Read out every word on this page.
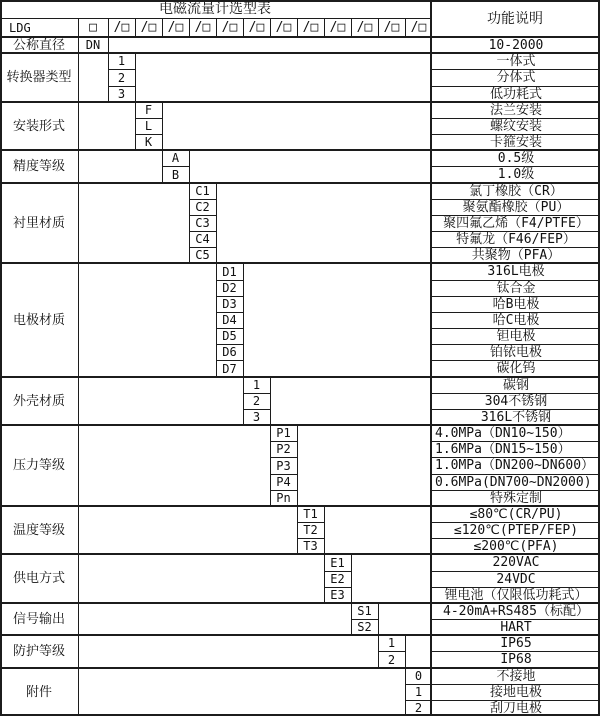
电磁流量计选型表
功能说明
LDG	□	/□ /□ /□ /□ /□ /□ /□ /□ /□ /□ /□ /□
公称直径	DN	10-2000
转换器类型
1	一体式
2	分体式
3	低功耗式
安装形式
F	法兰安装
L	螺纹安装
K	卡箍安装
精度等级
A	0.5级
B	1.0级
衬里材质
C1	氯丁橡胶（CR）
C2	聚氨酯橡胶（PU）
C3	聚四氟乙烯（F4/PTFE）
C4	特氟龙（F46/FEP）
C5	共聚物（PFA）
电极材质
D1	316L电极
D2	钛合金
D3	哈B电极
D4	哈C电极
D5	钽电极
D6	铂铱电极
D7	碳化钨
外壳材质
1	碳钢
2	304不锈钢
3	316L不锈钢
压力等级
P1	4.0MPa（DN10~150）
P2	1.6MPa（DN15~150）
P3	1.0MPa（DN200~DN600）
P4	0.6MPa(DN700~DN2000)
Pn	特殊定制
温度等级
T1	≤80℃(CR/PU)
T2	≤120℃(PTEP/FEP)
T3	≤200℃(PFA)
供电方式
E1	220VAC
E2	24VDC
E3	锂电池（仅限低功耗式）
信号输出
S1	4-20mA+RS485（标配）
S2	HART
防护等级
1	IP65
2	IP68
附件
0	不接地
1	接地电极
2	刮刀电极
